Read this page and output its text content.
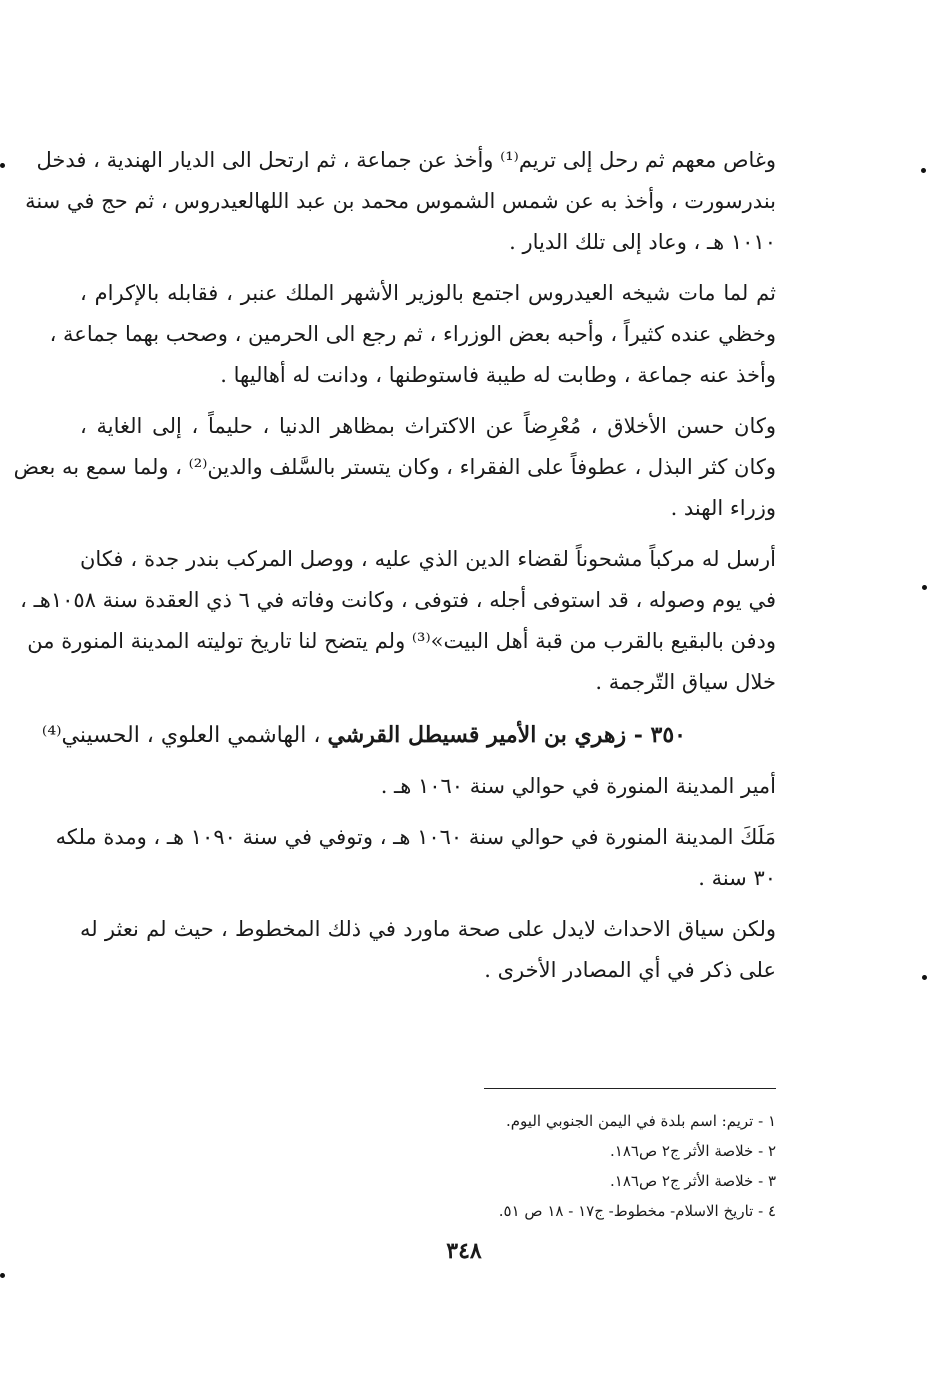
وغاص معهم ثم رحل إلى تريم⁽¹⁾ وأخذ عن جماعة ، ثم ارتحل الى الديار الهندية ، فدخل
بندرسورت ، وأخذ به عن شمس الشموس محمد بن عبد اللهالعيدروس ، ثم حج في سنة
١٠١٠ هـ ، وعاد إلى تلك الديار .
ثم لما مات شيخه العيدروس اجتمع بالوزير الأشهر الملك عنبر ، فقابله بالإكرام ،
وخظي عنده كثيراً ، وأحبه بعض الوزراء ، ثم رجع الى الحرمين ، وصحب بهما جماعة ،
وأخذ عنه جماعة ، وطابت له طيبة فاستوطنها ، ودانت له أهاليها .
وكان حسن الأخلاق ، مُعْرِضاً عن الاكتراث بمظاهر الدنيا ، حليماً ، إلى الغاية ،
وكان كثر البذل ، عطوفاً على الفقراء ، وكان يتستر بالسَّلف والدين⁽²⁾ ، ولما سمع به بعض
وزراء الهند .
أرسل له مركباً مشحوناً لقضاء الدين الذي عليه ، ووصل المركب بندر جدة ، فكان
في يوم وصوله ، قد استوفى أجله ، فتوفى ، وكانت وفاته في ٦ ذي العقدة سنة ١٠٥٨هـ ،
ودفن بالبقيع بالقرب من قبة أهل البيت»⁽³⁾ ولم يتضح لنا تاريخ توليته المدينة المنورة من
خلال سياق التّرجمة .
٣٥٠ - زهري بن الأمير قسيطل القرشي ، الهاشمي العلوي ، الحسيني⁽⁴⁾
أمير المدينة المنورة في حوالي سنة ١٠٦٠ هـ .
مَلَكَ المدينة المنورة في حوالي سنة ١٠٦٠ هـ ، وتوفي في سنة ١٠٩٠ هـ ، ومدة ملكه
٣٠ سنة .
ولكن سياق الاحداث لايدل على صحة ماورد في ذلك المخطوط ، حيث لم نعثر له
على ذكر في أي المصادر الأخرى .
١ - تريم: اسم بلدة في اليمن الجنوبي اليوم.
٢ - خلاصة الأثر ج٢ ص١٨٦.
٣ - خلاصة الأثر ج٢ ص١٨٦.
٤ - تاريخ الاسلام- مخطوط- ج١٧ - ١٨ ص ٥١.
٣٤٨
